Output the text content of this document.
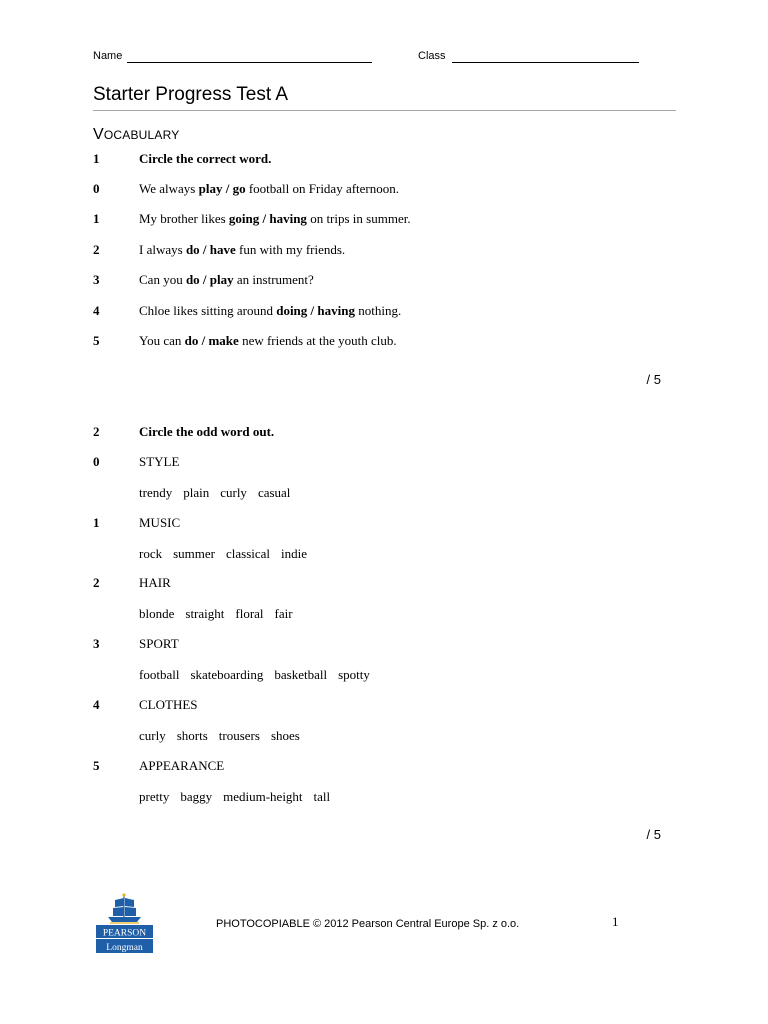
Name	Class
Starter Progress Test A
VOCABULARY
1	Circle the correct word.
0	We always play / go football on Friday afternoon.
1	My brother likes going / having on trips in summer.
2	I always do / have fun with my friends.
3	Can you do / play an instrument?
4	Chloe likes sitting around doing / having nothing.
5	You can do / make new friends at the youth club.
/ 5
2	Circle the odd word out.
0	STYLE
trendy plain curly casual
1	MUSIC
rock summer classical indie
2	HAIR
blonde straight floral fair
3	SPORT
football skateboarding basketball spotty
4	CLOTHES
curly shorts trousers shoes
5	APPEARANCE
pretty baggy medium-height tall
/ 5
PEARSON
Longman
PHOTOCOPIABLE © 2012 Pearson Central Europe Sp. z o.o.	1
